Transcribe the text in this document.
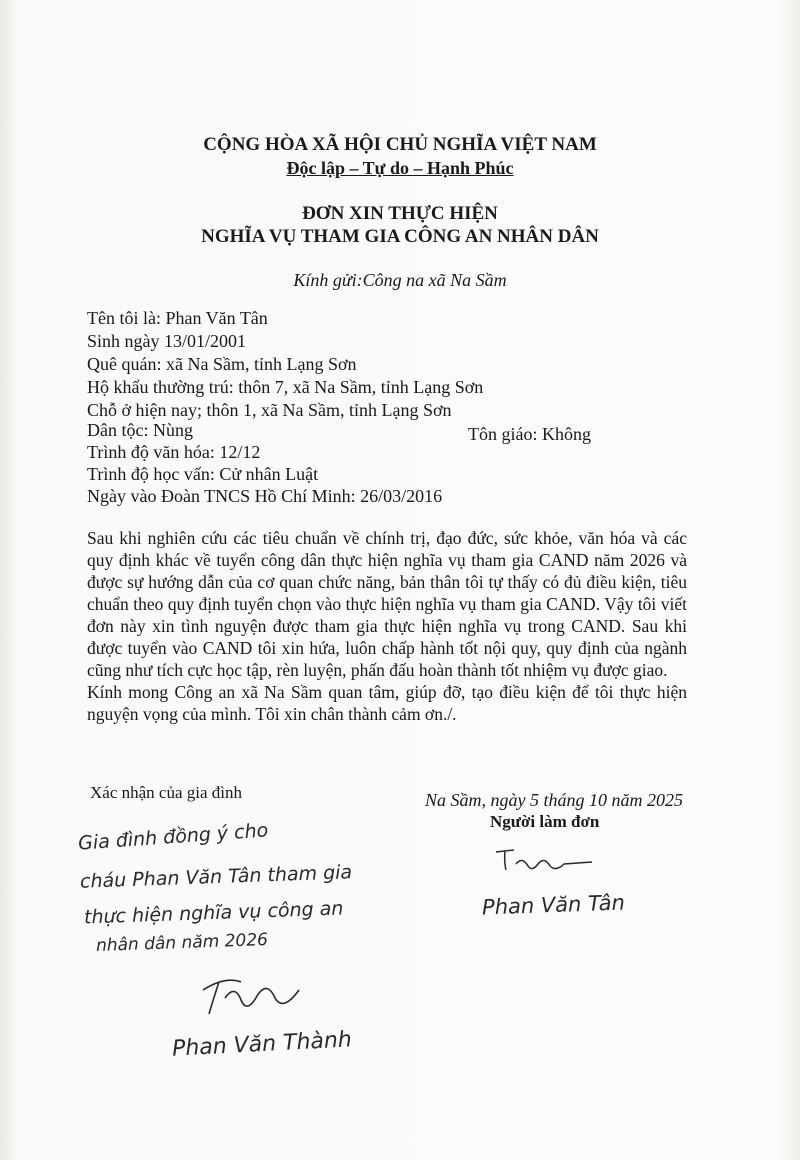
CỘNG HÒA XÃ HỘI CHỦ NGHĨA VIỆT NAM
Độc lập – Tự do – Hạnh Phúc
ĐƠN XIN THỰC HIỆN
NGHĨA VỤ THAM GIA CÔNG AN NHÂN DÂN
Kính gửi:Công na xã Na Sầm
Tên tôi là: Phan Văn Tân
Sinh ngày 13/01/2001
Quê quán: xã Na Sầm, tỉnh Lạng Sơn
Hộ khẩu thường trú: thôn 7, xã Na Sầm, tỉnh Lạng Sơn
Chỗ ở hiện nay; thôn 1, xã Na Sầm, tỉnh Lạng Sơn
Dân tộc: Nùng	Tôn giáo: Không
Trình độ văn hóa: 12/12
Trình độ học vấn: Cử nhân Luật
Ngày vào Đoàn TNCS Hồ Chí Minh: 26/03/2016

Sau khi nghiên cứu các tiêu chuẩn về chính trị, đạo đức, sức khỏe, văn hóa và các quy định khác về tuyển công dân thực hiện nghĩa vụ tham gia CAND năm 2026 và được sự hướng dẫn của cơ quan chức năng, bản thân tôi tự thấy có đủ điều kiện, tiêu chuẩn theo quy định tuyển chọn vào thực hiện nghĩa vụ tham gia CAND. Vậy tôi viết đơn này xin tình nguyện được tham gia thực hiện nghĩa vụ trong CAND. Sau khi được tuyển vào CAND tôi xin hứa, luôn chấp hành tốt nội quy, quy định của ngành cũng như tích cực học tập, rèn luyện, phấn đấu hoàn thành tốt nhiệm vụ được giao.

Kính mong Công an xã Na Sầm quan tâm, giúp đỡ, tạo điều kiện để tôi thực hiện nguyện vọng của mình. Tôi xin chân thành cảm ơn./.

Xác nhận của gia đình	Na Sầm, ngày 5 tháng 10 năm 2025
Người làm đơn
Gia đình đồng ý cho
cháu Phan Văn Tân tham gia
thực hiện nghĩa vụ công an
nhân dân năm 2026
Phan Văn Thành
Phan Văn Tân
